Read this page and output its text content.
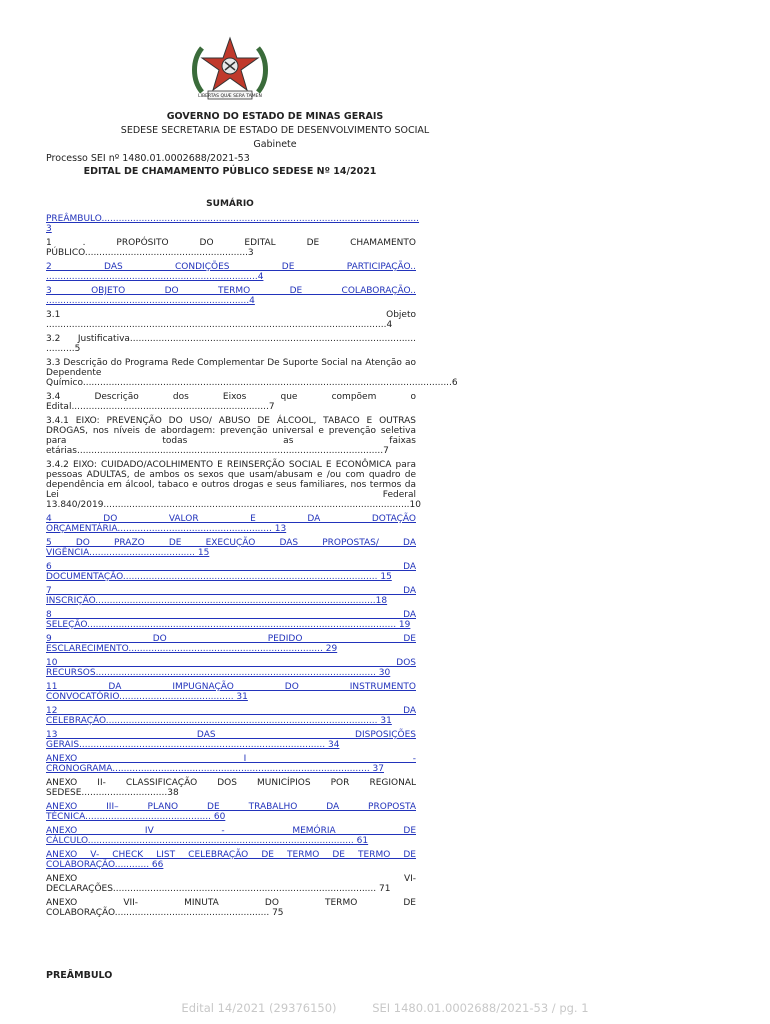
LIBERTAS QUÆ SERA TAMEN
GOVERNO DO ESTADO DE MINAS GERAIS
SEDESE SECRETARIA DE ESTADO DE DESENVOLVIMENTO SOCIAL
Gabinete
Processo SEI nº 1480.01.0002688/2021-53
EDITAL DE CHAMAMENTO PÚBLICO SEDESE Nº 14/2021
SUMÁRIO
PREÂMBULO...............................................................................................................
3
1 . PROPÓSITO DO EDITAL DE CHAMAMENTO
PÚBLICO.........................................................3
2 DAS CONDIÇÕES DE PARTICIPAÇÃO..
..........................................................................4
3 OBJETO DO TERMO DE COLABORAÇÃO..
.......................................................................4
3.1 Objeto
.......................................................................................................................4
3.2 Justificativa....................................................................................................
..........5
3.3 Descrição do Programa Rede Complementar De Suporte Social na Atenção ao Dependente
Químico.................................................................................................................................6
3.4 Descrição dos Eixos que compõem o
Edital.....................................................................7
3.4.1 EIXO: PREVENÇÃO DO USO/ ABUSO DE ÁLCOOL, TABACO E OUTRAS DROGAS, nos níveis de abordagem: prevenção universal e prevenção seletiva para todas as faixas
etárias...........................................................................................................7
3.4.2 EIXO: CUIDADO/ACOLHIMENTO E REINSERÇÃO SOCIAL E ECONÔMICA para pessoas ADULTAS, de ambos os sexos que usam/abusam e /ou com quadro de dependência em álcool, tabaco e outros drogas e seus familiares, nos termos da Lei Federal
13.840/2019...........................................................................................................10
4 DO VALOR E DA DOTAÇÃO
ORÇAMENTÁRIA...................................................... 13
5 DO PRAZO DE EXECUÇÃO DAS PROPOSTAS/ DA
VIGÊNCIA..................................... 15
6 DA
DOCUMENTAÇÃO......................................................................................... 15
7 DA
INSCRIÇÃO..................................................................................................18
8 DA
SELEÇÃO............................................................................................................ 19
9 DO PEDIDO DE
ESCLARECIMENTO.................................................................... 29
10 DOS
RECURSOS.................................................................................................. 30
11 DA IMPUGNAÇÃO DO INSTRUMENTO
CONVOCATÓRIO........................................ 31
12 DA
CELEBRAÇÃO............................................................................................... 31
13 DAS DISPOSIÇÕES
GERAIS...................................................................................... 34
ANEXO I -
CRONOGRAMA.......................................................................................... 37
ANEXO II- CLASSIFICAÇÃO DOS MUNICÍPIOS POR REGIONAL
SEDESE..............................38
ANEXO III– PLANO DE TRABALHO DA PROPOSTA
TÉCNICA............................................ 60
ANEXO IV - MEMÓRIA DE
CÁLCULO............................................................................................. 61
ANEXO V- CHECK LIST CELEBRAÇÃO DE TERMO DE TERMO DE
COLABORAÇÃO............ 66
ANEXO VI-
DECLARAÇÕES............................................................................................ 71
ANEXO VII- MINUTA DO TERMO DE
COLABORAÇÃO...................................................... 75
PREÂMBULO
Edital 14/2021 (29376150)	SEI 1480.01.0002688/2021-53 / pg. 1
